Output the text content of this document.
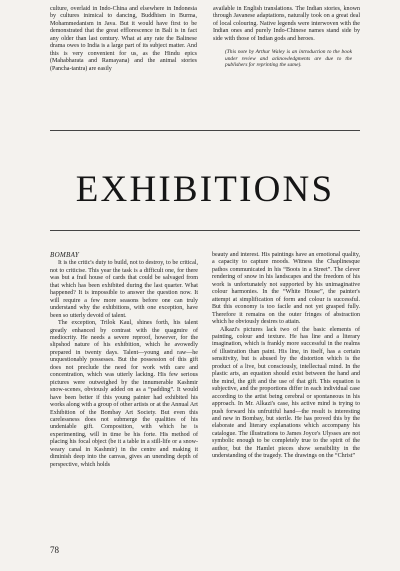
culture, overlaid in Indo-China and elsewhere in Indonesia by cultures inimical to dancing, Buddhism in Burma, Mohammedanism in Java. But it would have first to be demonstrated that the great efflorescence in Bali is in fact any older than last century. What at any rate the Balinese drama owes to India is a large part of its subject matter. And this is very convenient for us, as the Hindu epics (Mahabharata and Ramayana) and the animal stories (Pancha-tantra) are easily

available in English translations. The Indian stories, known through Javanese adaptations, naturally took on a great deal of local colouring. Native legends were interwoven with the Indian ones and purely Indo-Chinese names stand side by side with those of Indian gods and heroes.

(This note by Arthur Waley is an introduction to the book under review and acknowledgments are due to the publishers for reprinting the same).

EXHIBITIONS

BOMBAY

It is the critic's duty to build, not to destroy, to be critical, not to criticise. This year the task is a difficult one, for there was but a frail house of cards that could be salvaged from that which has been exhibited during the last quarter. What happened? It is impossible to answer the question now. It will require a few more seasons before one can truly understand why the exhibitions, with one exception, have been so utterly devoid of talent.

The exception, Trilok Kaul, shines forth, his talent greatly enhanced by contrast with the quagmire of mediocrity. He needs a severe reproof, however, for the slipshod nature of his exhibition, which he avowedly prepared in twenty days. Talent—young and raw—he unquestionably possesses. But the possession of this gift does not preclude the need for work with care and concentration, which was utterly lacking. His few serious pictures were outweighed by the innumerable Kashmir snow-scenes, obviously added on as a “padding”. It would have been better if this young painter had exhibited his works along with a group of other artists or at the Annual Art Exhibition of the Bombay Art Society. But even this carelessness does not submerge the qualities of his undeniable gift. Composition, with which he is experimenting, will in time be his forte. His method of placing his focal object (be it a table in a still-life or a snow-weary canal in Kashmir) in the centre and making it diminish deep into the canvas, gives an unending depth of perspective, which holds

beauty and interest. His paintings have an emotional quality, a capacity to capture moods. Witness the Chaplinesque pathos communicated in his “Boots in a Street”. The clever rendering of snow in his landscapes and the freedom of his work is unfortunately not supported by his unimaginative colour harmonies. In the “White House”, the painter's attempt at simplification of form and colour is successful. But this economy is too facile and not yet grasped fully. Therefore it remains on the outer fringes of abstraction which he obviously desires to attain.

Alkazi's pictures lack two of the basic elements of painting, colour and texture. He has line and a literary imagination, which is frankly more successful in the realms of illustration than paint. His line, in itself, has a certain sensitivity, but is abused by the distortion which is the product of a live, but consciously, intellectual mind. In the plastic arts, an equation should exist between the hand and the mind, the gift and the use of that gift. This equation is subjective, and the proportions differ in each individual case according to the artist being cerebral or spontaneous in his approach. In Mr. Alkazi's case, his active mind is trying to push forward his unfruitful hand—the result is interesting and new in Bombay, but sterile. He has proved this by the elaborate and literary explanations which accompany his catalogue. The illustrations to James Joyce's Ulysses are not symbolic enough to be completely true to the spirit of the author, but the Hamlet pieces show sensibility in the understanding of the tragedy. The drawings on the “Christ”

78
